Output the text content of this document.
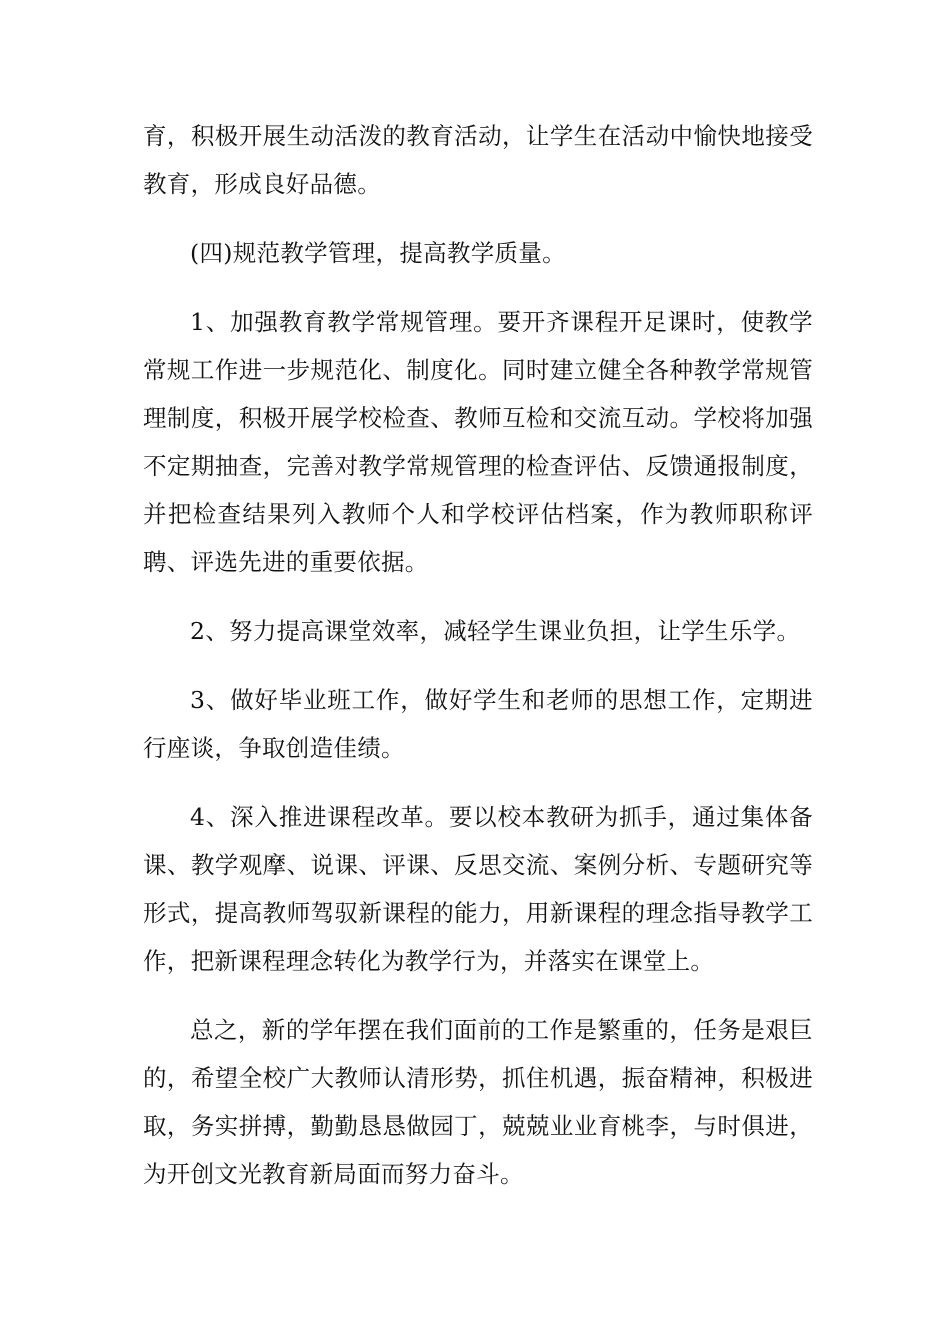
育，积极开展生动活泼的教育活动，让学生在活动中愉快地接受教育，形成良好品德。

(四)规范教学管理，提高教学质量。

1、加强教育教学常规管理。要开齐课程开足课时，使教学常规工作进一步规范化、制度化。同时建立健全各种教学常规管理制度，积极开展学校检查、教师互检和交流互动。学校将加强不定期抽查，完善对教学常规管理的检查评估、反馈通报制度，并把检查结果列入教师个人和学校评估档案，作为教师职称评聘、评选先进的重要依据。

2、努力提高课堂效率，减轻学生课业负担，让学生乐学。

3、做好毕业班工作，做好学生和老师的思想工作，定期进行座谈，争取创造佳绩。

4、深入推进课程改革。要以校本教研为抓手，通过集体备课、教学观摩、说课、评课、反思交流、案例分析、专题研究等形式，提高教师驾驭新课程的能力，用新课程的理念指导教学工作，把新课程理念转化为教学行为，并落实在课堂上。

总之，新的学年摆在我们面前的工作是繁重的，任务是艰巨的，希望全校广大教师认清形势，抓住机遇，振奋精神，积极进取，务实拼搏，勤勤恳恳做园丁，兢兢业业育桃李，与时俱进，为开创文光教育新局面而努力奋斗。
